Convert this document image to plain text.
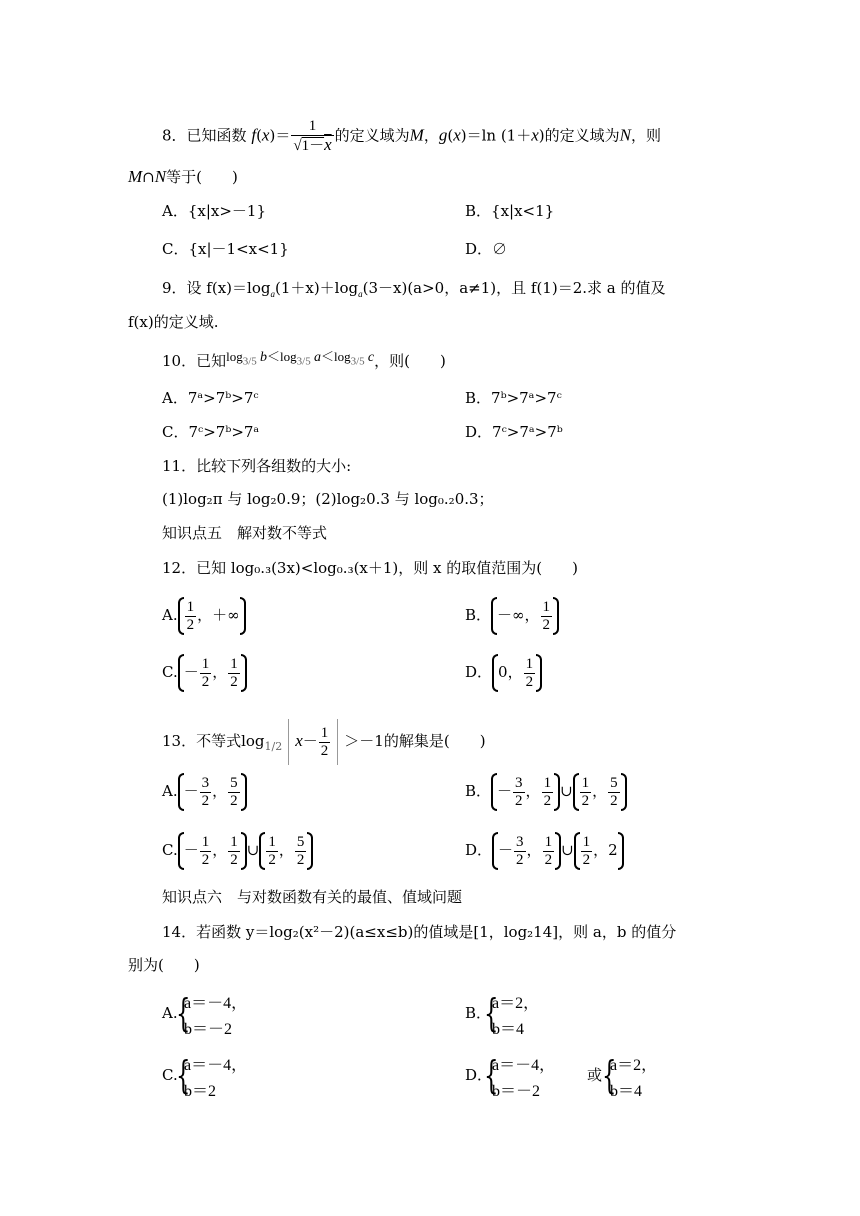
8．已知函数 $f(x)= \frac{1}{√1-x}$ 的定义域为M，g(x)＝ln (1＋x)的定义域为N，则
M∩N等于(　　)
A．{x|x>－1}	B．{x|x<1}
C．{x|－1<x<1}	D．∅
9．设 $f(x)=\log_a(1+x)+\log_a(3-x)(a>0$，a≠1)，且 f(1)＝2.求 a 的值及
f(x)的定义域.
10．已知$\log_{3/5} b<\log_{3/5}$ $a<\log_{3/5}$ c，则(　　)
A．7ᵃ>7ᵇ>7ᶜ	B．7ᵇ>7ᵃ>7ᶜ
C．7ᶜ>7ᵇ>7ᵃ	D．7ᶜ>7ᵃ>7ᵇ
11．比较下列各组数的大小:
(1)log₂π 与 log₂0.9；(2)log₂0.3 与 log₀.₂0.3；
知识点五　解对数不等式
12．已知 log₀.₃(3x)<log₀.₃(x＋1)，则 x 的取值范围为(　　)
A. $\frac{1}{2}$ ，＋∞	B． －∞， $\frac{1}{2}$
C. － $\frac{1}{2}$ ， $\frac{1}{2}$	D． 0， $\frac{1}{2}$
13．不等式$\log_{1/2} x- \frac{1}{2} >-1$的解集是(　　)
A. － $\frac{3}{2}$ ， $\frac{5}{2}$	B． － $\frac{3}{2}$ ， $\frac{1}{2}$ ∪ $\frac{1}{2}$ ， $\frac{5}{2}$
C. － $\frac{1}{2}$ ， $\frac{1}{2}$ ∪ $\frac{1}{2}$ ， $\frac{5}{2}$	D． － $\frac{3}{2}$ ， $\frac{1}{2}$ ∪ $\frac{1}{2}$ ，2
知识点六　与对数函数有关的最值、值域问题
14．若函数 y＝log₂(x²－2)(a≤x≤b)的值域是[1，log₂14]，则 a，b 的值分
别为(　　)
A.
{
a＝－4，
b＝－2
B．
{
a＝2，
b＝4
C.
{
a＝－4，
b＝2
D．
{
a＝－4，
b＝－2
或 {
a＝2，
b＝4
